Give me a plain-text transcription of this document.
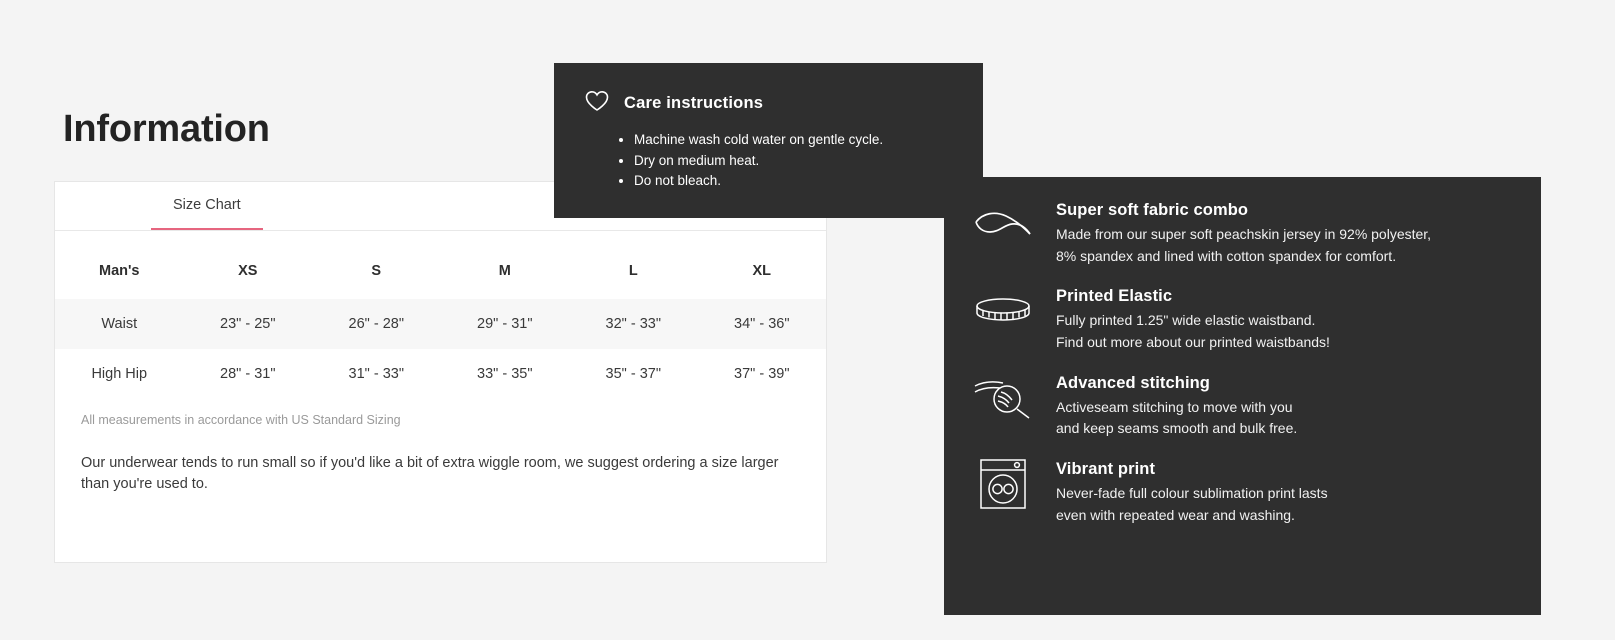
Information
Size Chart
Man's	XS	S	M	L	XL
Waist	23" - 25"	26" - 28"	29" - 31"	32" - 33"	34" - 36"
High Hip	28" - 31"	31" - 33"	33" - 35"	35" - 37"	37" - 39"
All measurements in accordance with US Standard Sizing
Our underwear tends to run small so if you'd like a bit of extra wiggle room, we suggest ordering a size larger than you're used to.
Care instructions
• Machine wash cold water on gentle cycle.
• Dry on medium heat.
• Do not bleach.
Super soft fabric combo

Made from our super soft peachskin jersey in 92% polyester,

8% spandex and lined with cotton spandex for comfort.

Printed Elastic

Fully printed 1.25" wide elastic waistband.

Find out more about our printed waistbands!

Advanced stitching

Activeseam stitching to move with you

and keep seams smooth and bulk free.

Vibrant print

Never-fade full colour sublimation print lasts

even with repeated wear and washing.
